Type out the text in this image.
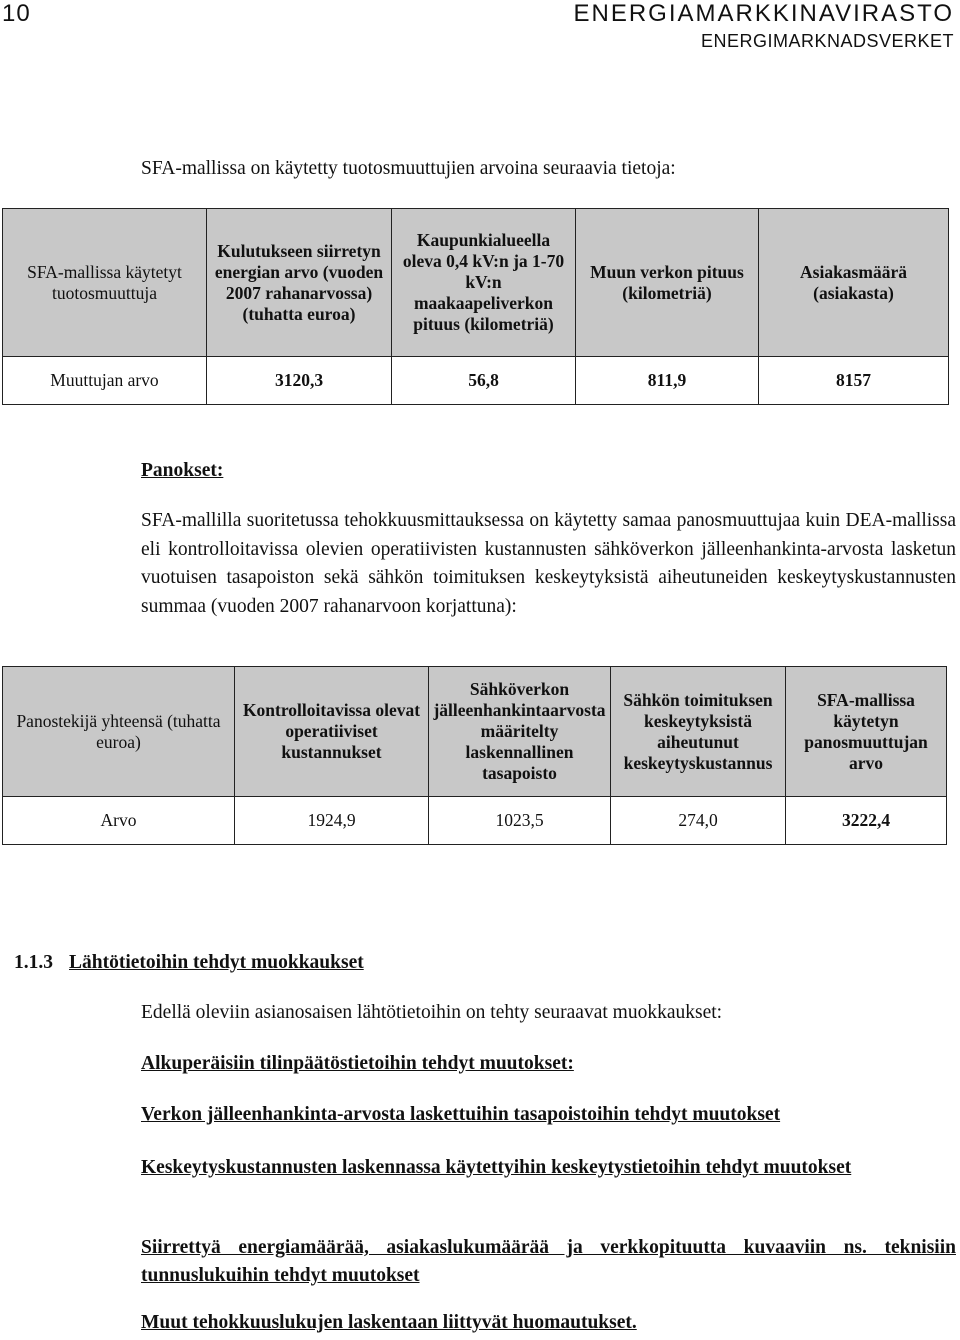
10	ENERGIAMARKKINAVIRASTO
ENERGIMARKNADSVERKET
SFA-mallissa on käytetty tuotosmuuttujien arvoina seuraavia tietoja:
SFA-mallissa käytetyt tuotosmuuttuja	Kulutukseen siirretyn energian arvo (vuoden 2007 rahanarvossa) (tuhatta euroa)	Kaupunkialueella oleva 0,4 kV:n ja 1-70 kV:n maakaapeliverkon pituus (kilometriä)	Muun verkon pituus (kilometriä)	Asiakasmäärä (asiakasta)
Muuttujan arvo	3120,3	56,8	811,9	8157
Panokset:
SFA-mallilla suoritetussa tehokkuusmittauksessa on käytetty samaa panosmuuttujaa kuin DEA-mallissa eli kontrolloitavissa olevien operatiivisten kustannusten sähköverkon jälleenhankinta-arvosta lasketun vuotuisen tasapoiston sekä sähkön toimituksen keskeytyksistä aiheutuneiden keskeytyskustannusten summaa (vuoden 2007 rahanarvoon korjattuna):
Panostekijä yhteensä (tuhatta euroa)	Kontrolloitavissa olevat operatiiviset kustannukset	Sähköverkon jälleenhankintaarvosta määritelty laskennallinen tasapoisto	Sähkön toimituksen keskeytyksistä aiheutunut keskeytyskustannus	SFA-mallissa käytetyn panosmuuttujan arvo
Arvo	1924,9	1023,5	274,0	3222,4
1.1.3 Lähtötietoihin tehdyt muokkaukset
Edellä oleviin asianosaisen lähtötietoihin on tehty seuraavat muokkaukset:
Alkuperäisiin tilinpäätöstietoihin tehdyt muutokset:
Verkon jälleenhankinta-arvosta laskettuihin tasapoistoihin tehdyt muutokset
Keskeytyskustannusten laskennassa käytettyihin keskeytystietoihin tehdyt muutokset
Siirrettyä energiamäärää, asiakaslukumäärää ja verkkopituutta kuvaaviin ns. teknisiin tunnuslukuihin tehdyt muutokset
Muut tehokkuuslukujen laskentaan liittyvät huomautukset.
